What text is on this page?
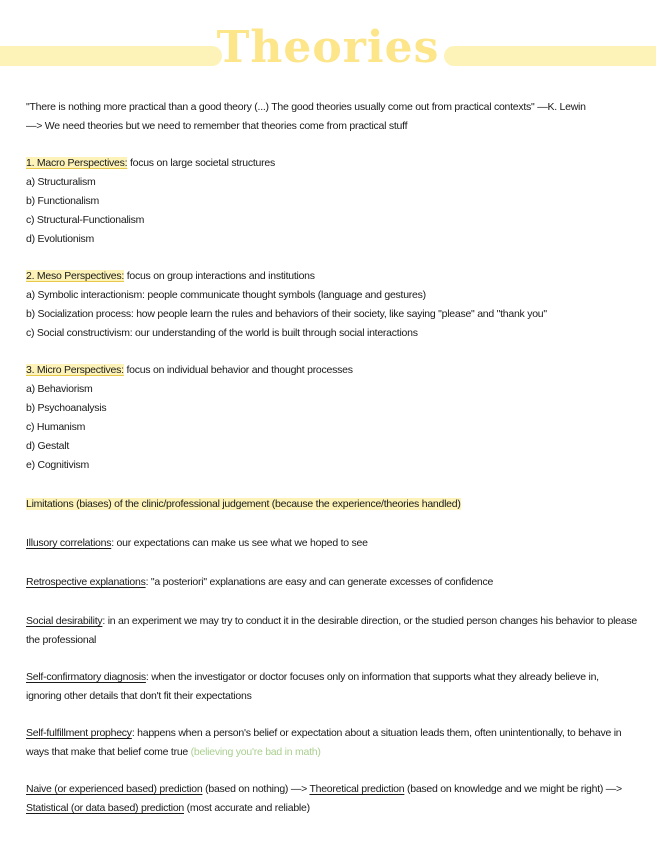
Theories
"There is nothing more practical than a good theory (...) The good theories usually come out from practical contexts" —K. Lewin
—> We need theories but we need to remember that theories come from practical stuff
1. Macro Perspectives: focus on large societal structures
a) Structuralism
b) Functionalism
c) Structural-Functionalism
d) Evolutionism
2. Meso Perspectives: focus on group interactions and institutions
a) Symbolic interactionism: people communicate thought symbols (language and gestures)
b) Socialization process: how people learn the rules and behaviors of their society, like saying "please" and "thank you"
c) Social constructivism: our understanding of the world is built through social interactions
3. Micro Perspectives: focus on individual behavior and thought processes
a) Behaviorism
b) Psychoanalysis
c) Humanism
d) Gestalt
e) Cognitivism
Limitations (biases) of the clinic/professional judgement (because the experience/theories handled)
Illusory correlations: our expectations can make us see what we hoped to see
Retrospective explanations: "a posteriori" explanations are easy and can generate excesses of confidence
Social desirability: in an experiment we may try to conduct it in the desirable direction, or the studied person changes his behavior to please
the professional
Self-confirmatory diagnosis: when the investigator or doctor focuses only on information that supports what they already believe in,
ignoring other details that don't fit their expectations
Self-fulfillment prophecy: happens when a person's belief or expectation about a situation leads them, often unintentionally, to behave in
ways that make that belief come true (believing you're bad in math)
Naive (or experienced based) prediction (based on nothing) —> Theoretical prediction (based on knowledge and we might be right) —>
Statistical (or data based) prediction (most accurate and reliable)
